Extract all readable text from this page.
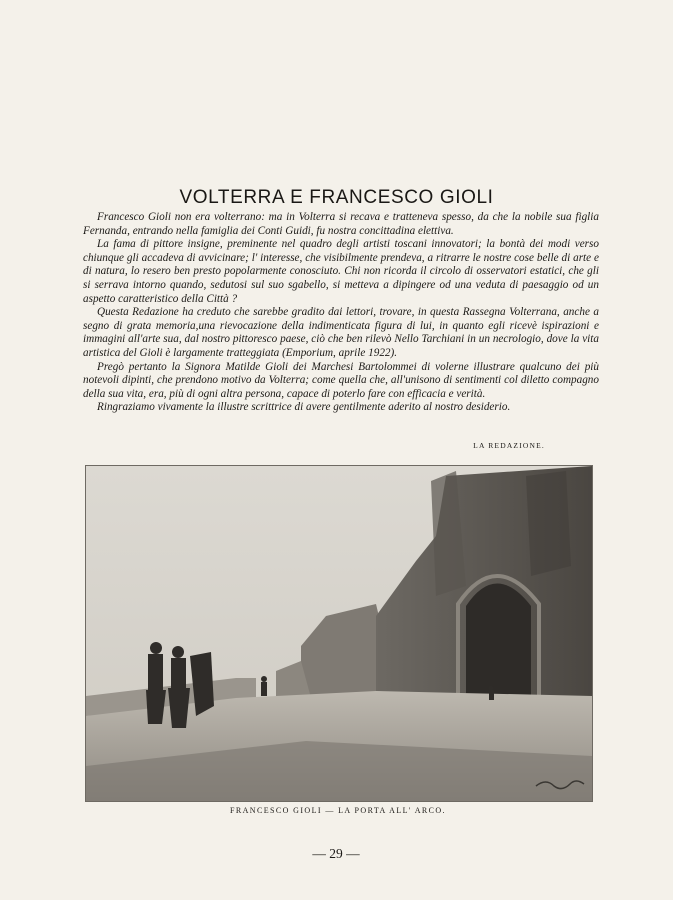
VOLTERRA E FRANCESCO GIOLI

Francesco Gioli non era volterrano: ma in Volterra si recava e tratteneva spesso, da che la nobile sua figlia Fernanda, entrando nella famiglia dei Conti Guidi, fu nostra concittadina elettiva.

La fama di pittore insigne, preminente nel quadro degli artisti toscani innovatori; la bontà dei modi verso chiunque gli accadeva di avvicinare; l' interesse, che visibilmente prendeva, a ritrarre le nostre cose belle di arte e di natura, lo resero ben presto popolarmente conosciuto. Chi non ricorda il circolo di osservatori estatici, che gli si serrava intorno quando, sedutosi sul suo sgabello, si metteva a dipingere od una veduta di paesaggio od un aspetto caratteristico della Città ?

Questa Redazione ha creduto che sarebbe gradito dai lettori, trovare, in questa Rassegna Volterrana, anche a segno di grata memoria,una rievocazione della indimenticata figura di lui, in quanto egli ricevè ispirazioni e immagini all'arte sua, dal nostro pittoresco paese, ciò che ben rilevò Nello Tarchiani in un necrologio, dove la vita artistica del Gioli è largamente tratteggiata (Emporium, aprile 1922).

Pregò pertanto la Signora Matilde Gioli dei Marchesi Bartolommei di volerne illustrare qualcuno dei più notevoli dipinti, che prendono motivo da Volterra; come quella che, all'unisono di sentimenti col diletto compagno della sua vita, era, più di ogni altra persona, capace di poterlo fare con efficacia e verità.

Ringraziamo vivamente la illustre scrittrice di avere gentilmente aderito al nostro desiderio.

LA REDAZIONE.
FRANCESCO GIOLI — LA PORTA ALL' ARCO.
— 29 —
